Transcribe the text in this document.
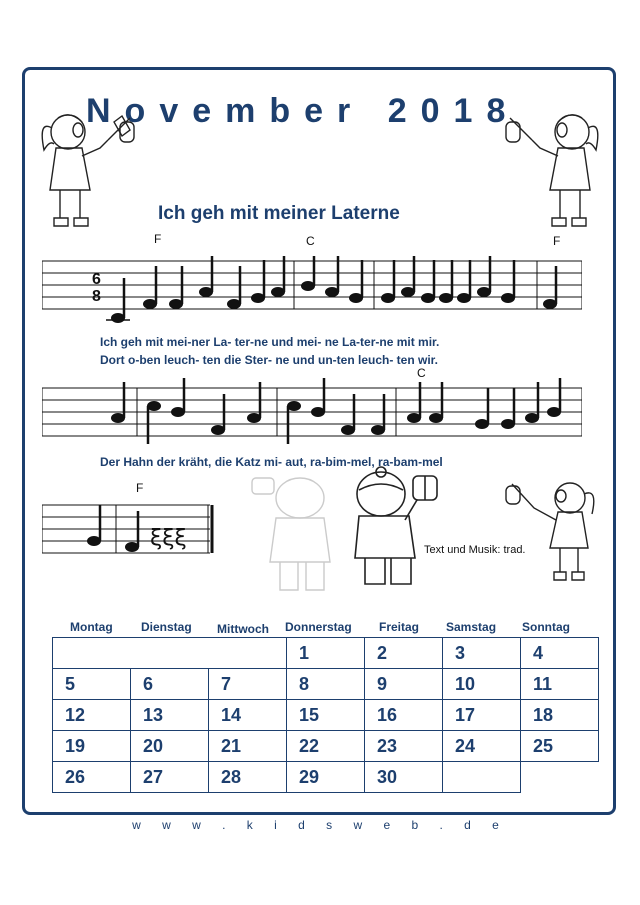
November 2018
Ich geh mit meiner Laterne
F	C	F
C
F
6
8
Ich geh mit mei-ner La- ter-ne und mei- ne La-ter-ne mit mir.
Dort o-ben leuch- ten die Ster- ne und un-ten leuch- ten wir.
Der Hahn der kräht, die Katz mi- aut, ra-bim-mel, ra-bam-mel
ξξξ	Text und Musik: trad.
Montag Dienstag Mittwoch Donnerstag Freitag Samstag Sonntag

			1	2	3	4

5	6	7	8	9	10	11

12	13	14	15	16	17	18

19	20	21	22	23	24	25

26	27	28	29	30		

w w w . k i d s w e b . d e
